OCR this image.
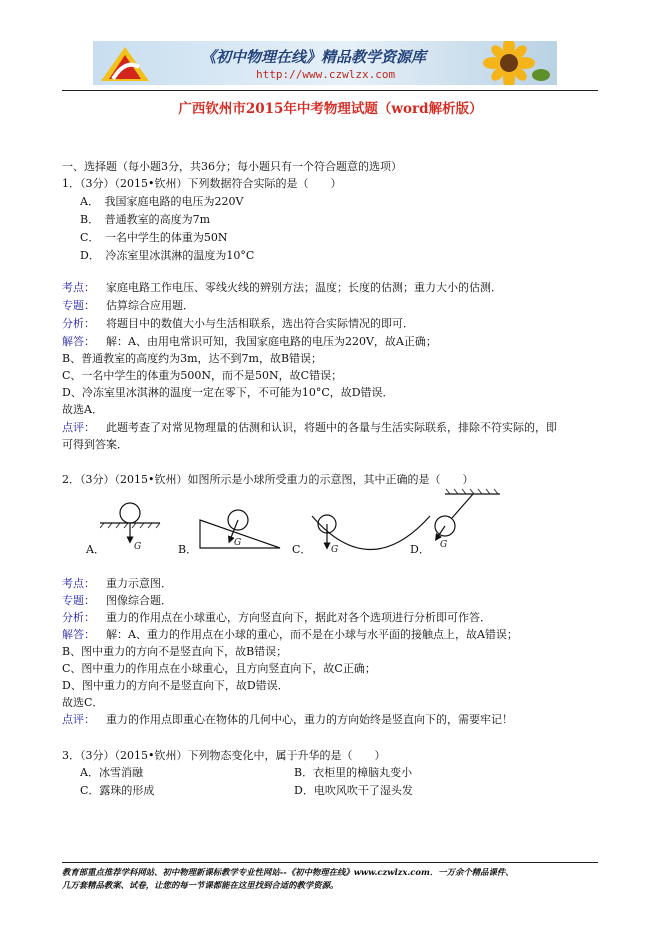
《初中物理在线》精品教学资源库
http://www.czwlzx.com
广西钦州市2015年中考物理试题（word解析版）
一、选择题（每小题3分，共36分；每小题只有一个符合题意的选项）
1．（3分）（2015•钦州）下列数据符合实际的是（　　）
A．　我国家庭电路的电压为220V
B．　普通教室的高度为7m
C．　一名中学生的体重为50N
D．　冷冻室里冰淇淋的温度为10°C
考点： 家庭电路工作电压、零线火线的辨别方法；温度；长度的估测；重力大小的估测．
专题： 估算综合应用题．
分析： 将题目中的数值大小与生活相联系，选出符合实际情况的即可．
解答： 解：A、由用电常识可知，我国家庭电路的电压为220V，故A正确；
B、普通教室的高度约为3m，达不到7m，故B错误；
C、一名中学生的体重为500N，而不是50N，故C错误；
D、冷冻室里冰淇淋的温度一定在零下，不可能为10°C，故D错误．
故选A．
点评： 此题考查了对常见物理量的估测和认识，将题中的各量与生活实际联系，排除不符实际的，即
可得到答案．
2．（3分）（2015•钦州）如图所示是小球所受重力的示意图，其中正确的是（　　）
G	G
G	G
A．	B．	C．	D．
考点： 重力示意图．
专题： 图像综合题．
分析： 重力的作用点在小球重心，方向竖直向下，据此对各个选项进行分析即可作答．
解答： 解：A、重力的作用点在小球的重心，而不是在小球与水平面的接触点上，故A错误；
B、图中重力的方向不是竖直向下，故B错误；
C、图中重力的作用点在小球重心，且方向竖直向下，故C正确；
D、图中重力的方向不是竖直向下，故D错误．
故选C．
点评： 重力的作用点即重心在物体的几何中心，重力的方向始终是竖直向下的，需要牢记！
3．（3分）（2015•钦州）下列物态变化中，属于升华的是（　　）
A．冰雪消融	B．衣柜里的樟脑丸变小
C．露珠的形成	D．电吹风吹干了湿头发
教育部重点推荐学科网站、初中物理新课标教学专业性网站--《初中物理在线》www.czwlzx.com．一万余个精品课件、
几万套精品教案、试卷，让您的每一节课都能在这里找到合适的教学资源。
